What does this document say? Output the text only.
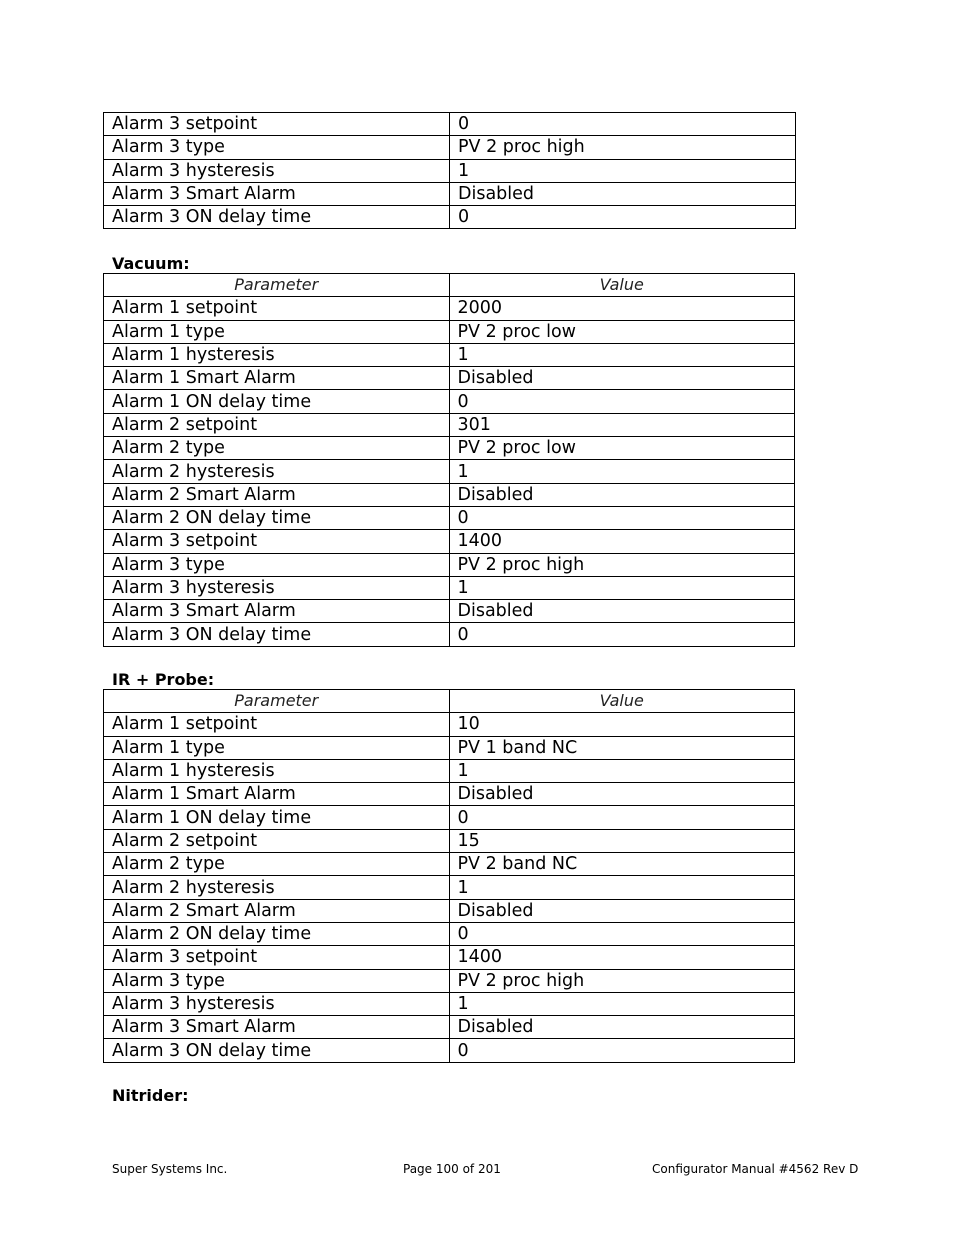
Alarm 3 setpoint	0
Alarm 3 type	PV 2 proc high
Alarm 3 hysteresis	1
Alarm 3 Smart Alarm	Disabled
Alarm 3 ON delay time	0
Vacuum:
Parameter	Value
Alarm 1 setpoint	2000
Alarm 1 type	PV 2 proc low
Alarm 1 hysteresis	1
Alarm 1 Smart Alarm	Disabled
Alarm 1 ON delay time	0
Alarm 2 setpoint	301
Alarm 2 type	PV 2 proc low
Alarm 2 hysteresis	1
Alarm 2 Smart Alarm	Disabled
Alarm 2 ON delay time	0
Alarm 3 setpoint	1400
Alarm 3 type	PV 2 proc high
Alarm 3 hysteresis	1
Alarm 3 Smart Alarm	Disabled
Alarm 3 ON delay time	0
IR + Probe:
Parameter	Value
Alarm 1 setpoint	10
Alarm 1 type	PV 1 band NC
Alarm 1 hysteresis	1
Alarm 1 Smart Alarm	Disabled
Alarm 1 ON delay time	0
Alarm 2 setpoint	15
Alarm 2 type	PV 2 band NC
Alarm 2 hysteresis	1
Alarm 2 Smart Alarm	Disabled
Alarm 2 ON delay time	0
Alarm 3 setpoint	1400
Alarm 3 type	PV 2 proc high
Alarm 3 hysteresis	1
Alarm 3 Smart Alarm	Disabled
Alarm 3 ON delay time	0
Nitrider:
Super Systems Inc.	Page 100 of 201	Configurator Manual #4562 Rev D
